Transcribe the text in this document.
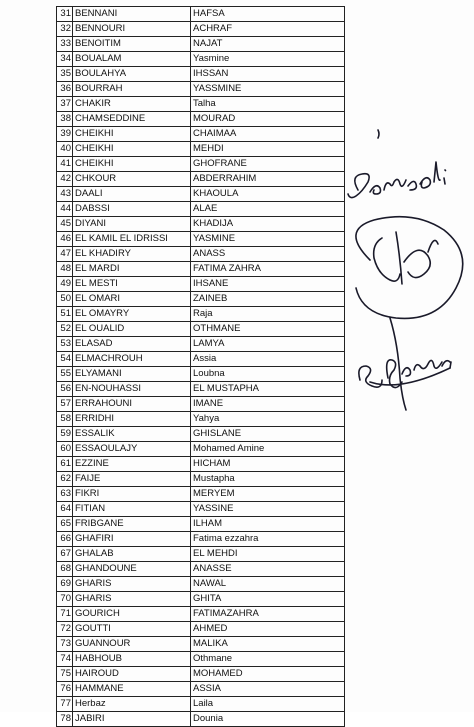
31	BENNANI	HAFSA
32	BENNOURI	ACHRAF
33	BENOITIM	NAJAT
34	BOUALAM	Yasmine
35	BOULAHYA	IHSSAN
36	BOURRAH	YASSMINE
37	CHAKIR	Talha
38	CHAMSEDDINE	MOURAD
39	CHEIKHI	CHAIMAA
40	CHEIKHI	MEHDI
41	CHEIKHI	GHOFRANE
42	CHKOUR	ABDERRAHIM
43	DAALI	KHAOULA
44	DABSSI	ALAE
45	DIYANI	KHADIJA
46	EL KAMIL EL IDRISSI	YASMINE
47	EL KHADIRY	ANASS
48	EL MARDI	FATIMA ZAHRA
49	EL MESTI	IHSANE
50	EL OMARI	ZAINEB
51	EL OMAYRY	Raja
52	EL OUALID	OTHMANE
53	ELASAD	LAMYA
54	ELMACHROUH	Assia
55	ELYAMANI	Loubna
56	EN-NOUHASSI	EL MUSTAPHA
57	ERRAHOUNI	IMANE
58	ERRIDHI	Yahya
59	ESSALIK	GHISLANE
60	ESSAOULAJY	Mohamed Amine
61	EZZINE	HICHAM
62	FAIJE	Mustapha
63	FIKRI	MERYEM
64	FITIAN	YASSINE
65	FRIBGANE	ILHAM
66	GHAFIRI	Fatima ezzahra
67	GHALAB	EL MEHDI
68	GHANDOUNE	ANASSE
69	GHARIS	NAWAL
70	GHARIS	GHITA
71	GOURICH	FATIMAZAHRA
72	GOUTTI	AHMED
73	GUANNOUR	MALIKA
74	HABHOUB	Othmane
75	HAIROUD	MOHAMED
76	HAMMANE	ASSIA
77	Herbaz	Laila
78	JABIRI	Dounia
